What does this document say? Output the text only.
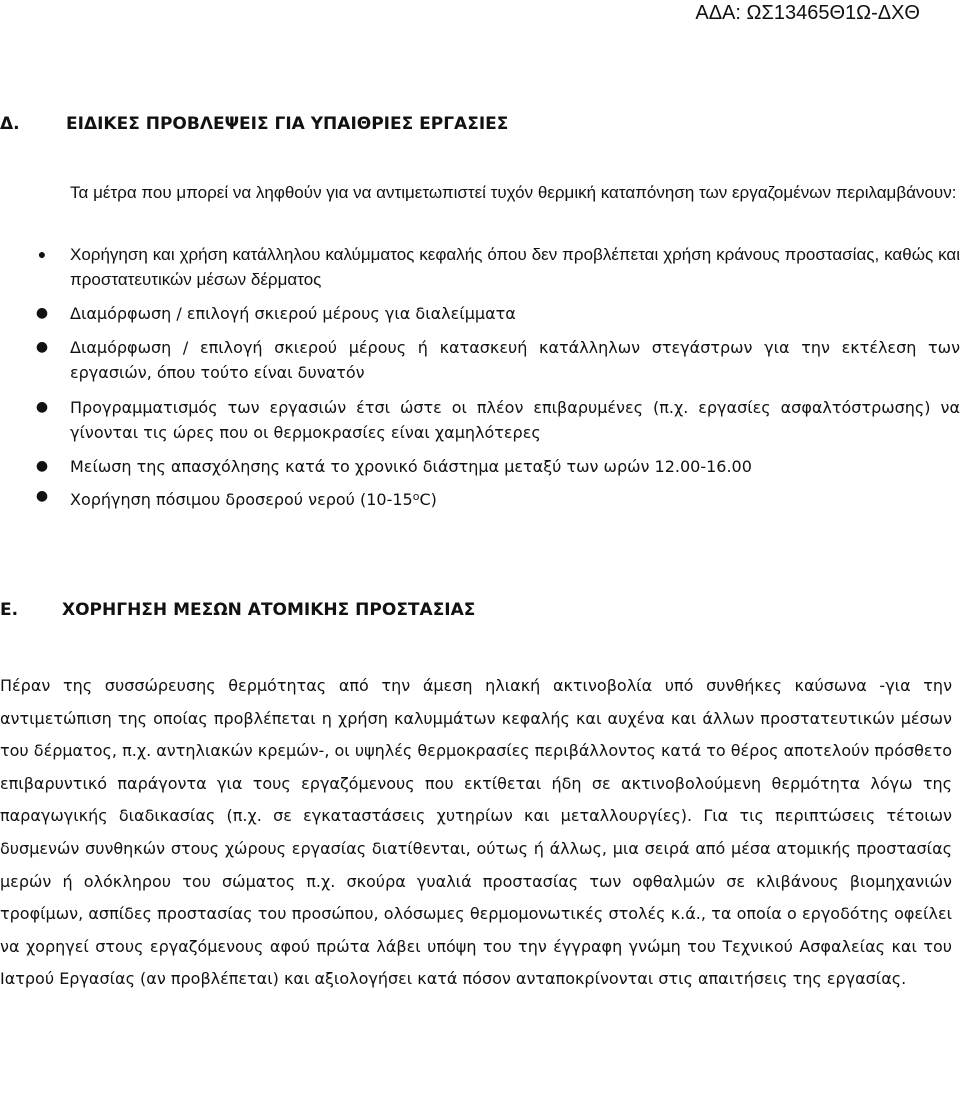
ΑΔΑ: ΩΣ13465Θ1Ω-ΔΧΘ
Δ.	ΕΙΔΙΚΕΣ ΠΡΟΒΛΕΨΕΙΣ ΓΙΑ ΥΠΑΙΘΡΙΕΣ ΕΡΓΑΣΙΕΣ
Τα μέτρα που μπορεί να ληφθούν για να αντιμετωπιστεί τυχόν θερμική καταπόνηση των εργαζομένων περιλαμβάνουν:
●	Χορήγηση και χρήση κατάλληλου καλύμματος κεφαλής όπου δεν προβλέπεται χρήση κράνους προστασίας, καθώς και προστατευτικών μέσων δέρματος
● Διαμόρφωση / επιλογή σκιερού μέρους για διαλείμματα
● Διαμόρφωση / επιλογή σκιερού μέρους ή κατασκευή κατάλληλων στεγάστρων για την εκτέλεση των εργασιών, όπου τούτο είναι δυνατόν
● Προγραμματισμός των εργασιών έτσι ώστε οι πλέον επιβαρυμένες (π.χ. εργασίες ασφαλτόστρωσης) να γίνονται τις ώρες που οι θερμοκρασίες είναι χαμηλότερες
● Μείωση της απασχόλησης κατά το χρονικό διάστημα μεταξύ των ωρών 12.00-16.00
● Χορήγηση πόσιμου δροσερού νερού (10-15$^o$C)
Ε.	ΧΟΡΗΓΗΣΗ ΜΕΣΩΝ ΑΤΟΜΙΚΗΣ ΠΡΟΣΤΑΣΙΑΣ

Πέραν της συσσώρευσης θερμότητας από την άμεση ηλιακή ακτινοβολία υπό συνθήκες καύσωνα -για την αντιμετώπιση της οποίας προβλέπεται η χρήση καλυμμάτων κεφαλής και αυχένα και άλλων προστατευτικών μέσων του δέρματος, π.χ. αντηλιακών κρεμών-, οι υψηλές θερμοκρασίες περιβάλλοντος κατά το θέρος αποτελούν πρόσθετο επιβαρυντικό παράγοντα για τους εργαζόμενους που εκτίθεται ήδη σε ακτινοβολούμενη θερμότητα λόγω της παραγωγικής διαδικασίας (π.χ. σε εγκαταστάσεις χυτηρίων και μεταλλουργίες). Για τις περιπτώσεις τέτοιων δυσμενών συνθηκών στους χώρους εργασίας διατίθενται, ούτως ή άλλως, μια σειρά από μέσα ατομικής προστασίας μερών ή ολόκληρου του σώματος π.χ. σκούρα γυαλιά προστασίας των οφθαλμών σε κλιβάνους βιομηχανιών τροφίμων, ασπίδες προστασίας του προσώπου, ολόσωμες θερμομονωτικές στολές κ.ά., τα οποία ο εργοδότης οφείλει να χορηγεί στους εργαζόμενους αφού πρώτα λάβει υπόψη του την έγγραφη γνώμη του Τεχνικού Ασφαλείας και του Ιατρού Εργασίας (αν προβλέπεται) και αξιολογήσει κατά πόσον ανταποκρίνονται στις απαιτήσεις της εργασίας.
